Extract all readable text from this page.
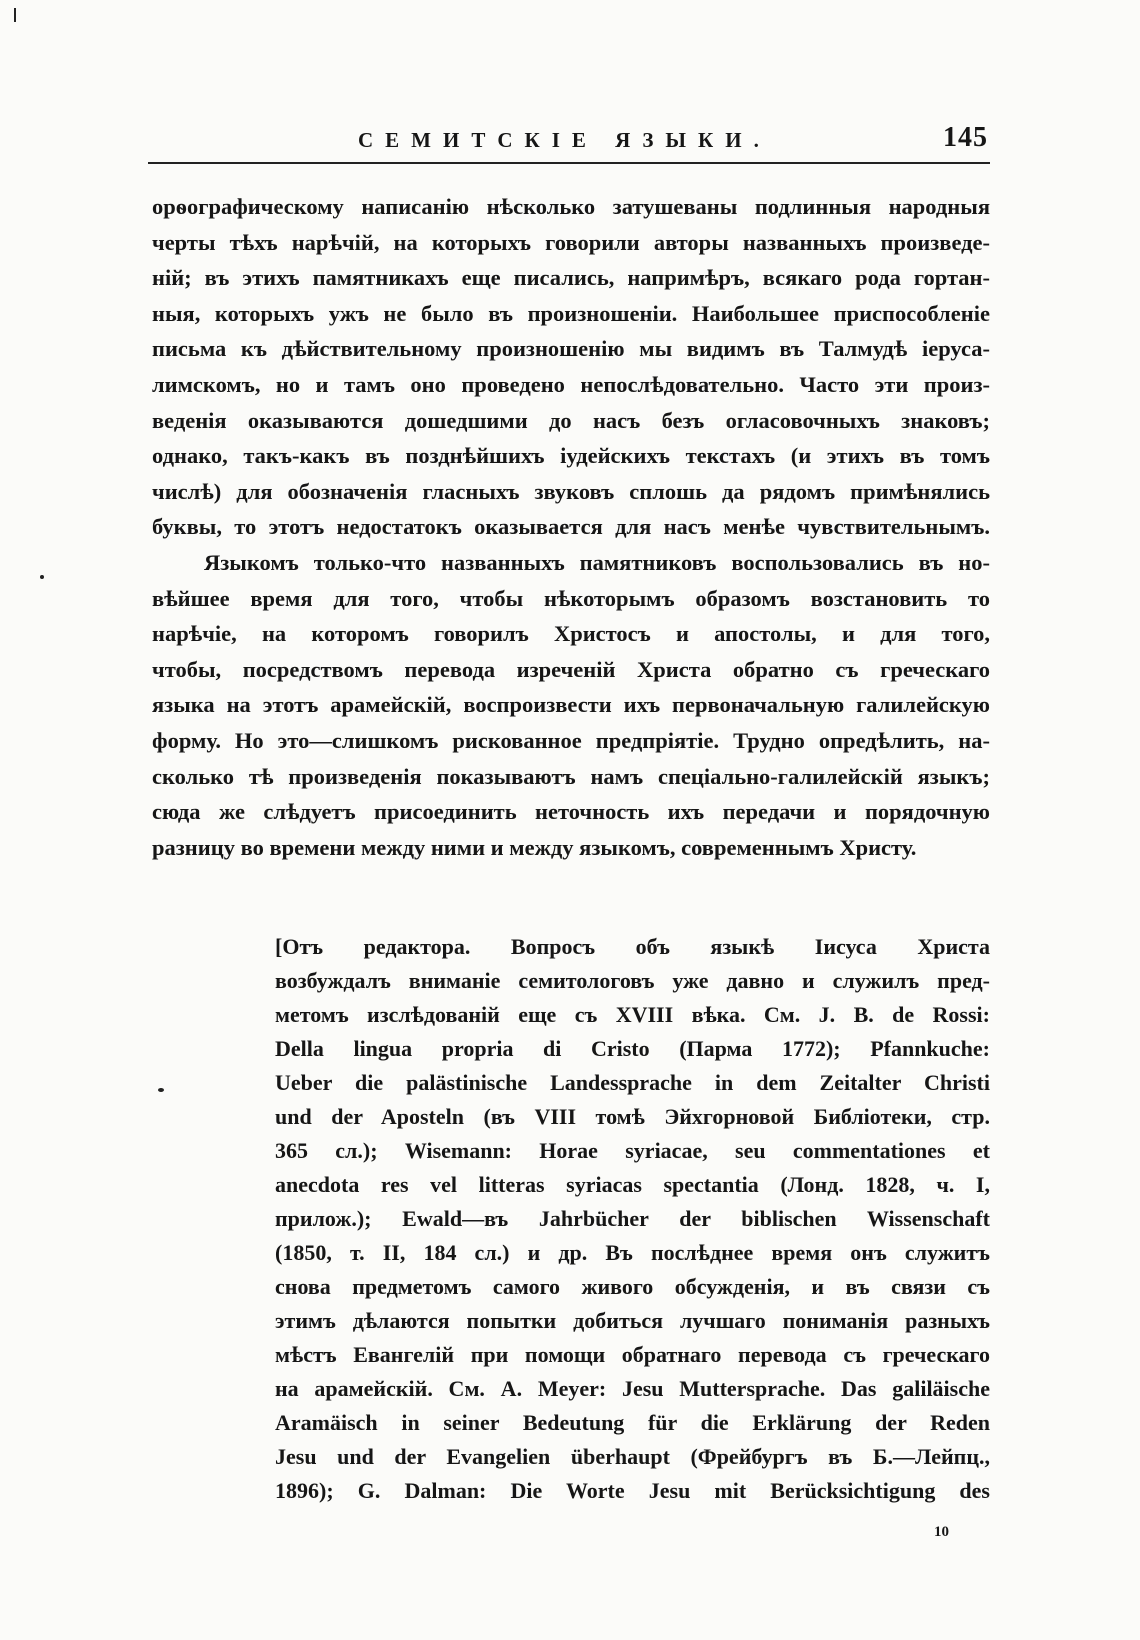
СЕМИТСКІЕ ЯЗЫКИ.	145
орѳографическому написанію нѣсколько затушеваны подлинныя народныя
черты тѣхъ нарѣчій, на которыхъ говорили авторы названныхъ произведе-
ній; въ этихъ памятникахъ еще писались, напримѣръ, всякаго рода гортан-
ныя, которыхъ ужъ не было въ произношеніи. Наибольшее приспособленіе
письма къ дѣйствительному произношенію мы видимъ въ Талмудѣ іеруса-
лимскомъ, но и тамъ оно проведено непослѣдовательно. Часто эти произ-
веденія оказываются дошедшими до насъ безъ огласовочныхъ знаковъ;
однако, такъ-какъ въ позднѣйшихъ іудейскихъ текстахъ (и этихъ въ томъ
числѣ) для обозначенія гласныхъ звуковъ сплошь да рядомъ примѣнялись
буквы, то этотъ недостатокъ оказывается для насъ менѣе чувствительнымъ.
Языкомъ только-что названныхъ памятниковъ воспользовались въ но-
вѣйшее время для того, чтобы нѣкоторымъ образомъ возстановить то
нарѣчіе, на которомъ говорилъ Христосъ и апостолы, и для того,
чтобы, посредствомъ перевода изреченій Христа обратно съ греческаго
языка на этотъ арамейскій, воспроизвести ихъ первоначальную галилейскую
форму. Но это—слишкомъ рискованное предпріятіе. Трудно опредѣлить, на-
сколько тѣ произведенія показываютъ намъ спеціально-галилейскій языкъ;
сюда же слѣдуетъ присоединить неточность ихъ передачи и порядочную
разницу во времени между ними и между языкомъ, современнымъ Христу.
[Отъ редактора. Вопросъ объ языкѣ Іисуса Христа
возбуждалъ вниманіе семитологовъ уже давно и служилъ пред-
метомъ изслѣдованій еще съ XVIII вѣка. См. J. B. de Rossi:
Della lingua propria di Cristo (Парма 1772); Pfannkuche:
Ueber die palästinische Landessprache in dem Zeitalter Christi
und der Aposteln (въ VIII томѣ Эйхгорновой Библіотеки, стр.
365 сл.); Wisemann: Horae syriacae, seu commentationes et
anecdota res vel litteras syriacas spectantia (Лонд. 1828, ч. I,
прилож.); Ewald—въ Jahrbücher der biblischen Wissenschaft
(1850, т. II, 184 сл.) и др. Въ послѣднее время онъ служитъ
снова предметомъ самого живого обсужденія, и въ связи съ
этимъ дѣлаются попытки добиться лучшаго пониманія разныхъ
мѣстъ Евангелій при помощи обратнаго перевода съ греческаго
на арамейскій. См. A. Meyer: Jesu Muttersprache. Das galiläische
Aramäisch in seiner Bedeutung für die Erklärung der Reden
Jesu und der Evangelien überhaupt (Фрейбургъ въ Б.—Лейпц.,
1896); G. Dalman: Die Worte Jesu mit Berücksichtigung des
10
